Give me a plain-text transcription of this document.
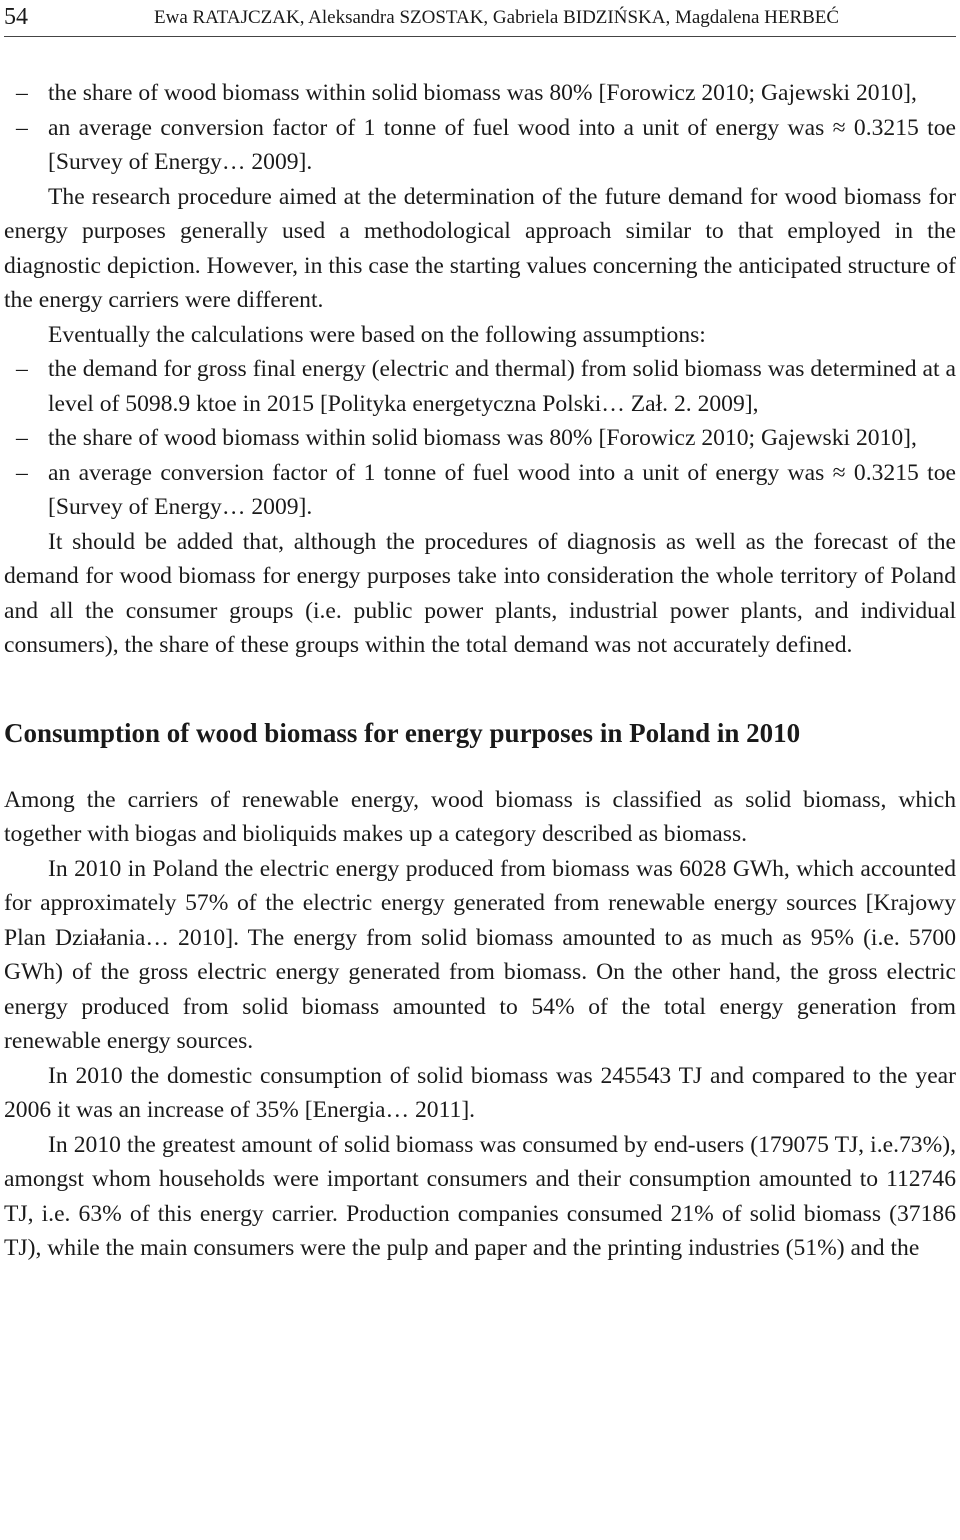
54	Ewa RATAJCZAK, Aleksandra SZOSTAK, Gabriela BIDZIŃSKA, Magdalena HERBEĆ
– the share of wood biomass within solid biomass was 80% [Forowicz 2010; Gajewski 2010],
– an average conversion factor of 1 tonne of fuel wood into a unit of energy was ≈ 0.3215 toe [Survey of Energy… 2009].

The research procedure aimed at the determination of the future demand for wood biomass for energy purposes generally used a methodological approach similar to that employed in the diagnostic depiction. However, in this case the starting values concerning the anticipated structure of the energy carriers were different.

Eventually the calculations were based on the following assumptions:

– the demand for gross final energy (electric and thermal) from solid biomass was determined at a level of 5098.9 ktoe in 2015 [Polityka energetyczna Polski… Zał. 2. 2009],
– the share of wood biomass within solid biomass was 80% [Forowicz 2010; Gajewski 2010],
– an average conversion factor of 1 tonne of fuel wood into a unit of energy was ≈ 0.3215 toe [Survey of Energy… 2009].

It should be added that, although the procedures of diagnosis as well as the forecast of the demand for wood biomass for energy purposes take into consideration the whole territory of Poland and all the consumer groups (i.e. public power plants, industrial power plants, and individual consumers), the share of these groups within the total demand was not accurately defined.

Consumption of wood biomass for energy purposes in Poland in 2010

Among the carriers of renewable energy, wood biomass is classified as solid biomass, which together with biogas and bioliquids makes up a category described as biomass.

In 2010 in Poland the electric energy produced from biomass was 6028 GWh, which accounted for approximately 57% of the electric energy generated from renewable energy sources [Krajowy Plan Działania… 2010]. The energy from solid biomass amounted to as much as 95% (i.e. 5700 GWh) of the gross electric energy generated from biomass. On the other hand, the gross electric energy produced from solid biomass amounted to 54% of the total energy generation from renewable energy sources.

In 2010 the domestic consumption of solid biomass was 245543 TJ and compared to the year 2006 it was an increase of 35% [Energia… 2011].

In 2010 the greatest amount of solid biomass was consumed by end-users (179075 TJ, i.e.73%), amongst whom households were important consumers and their consumption amounted to 112746 TJ, i.e. 63% of this energy carrier. Production companies consumed 21% of solid biomass (37186 TJ), while the main consumers were the pulp and paper and the printing industries (51%) and the
